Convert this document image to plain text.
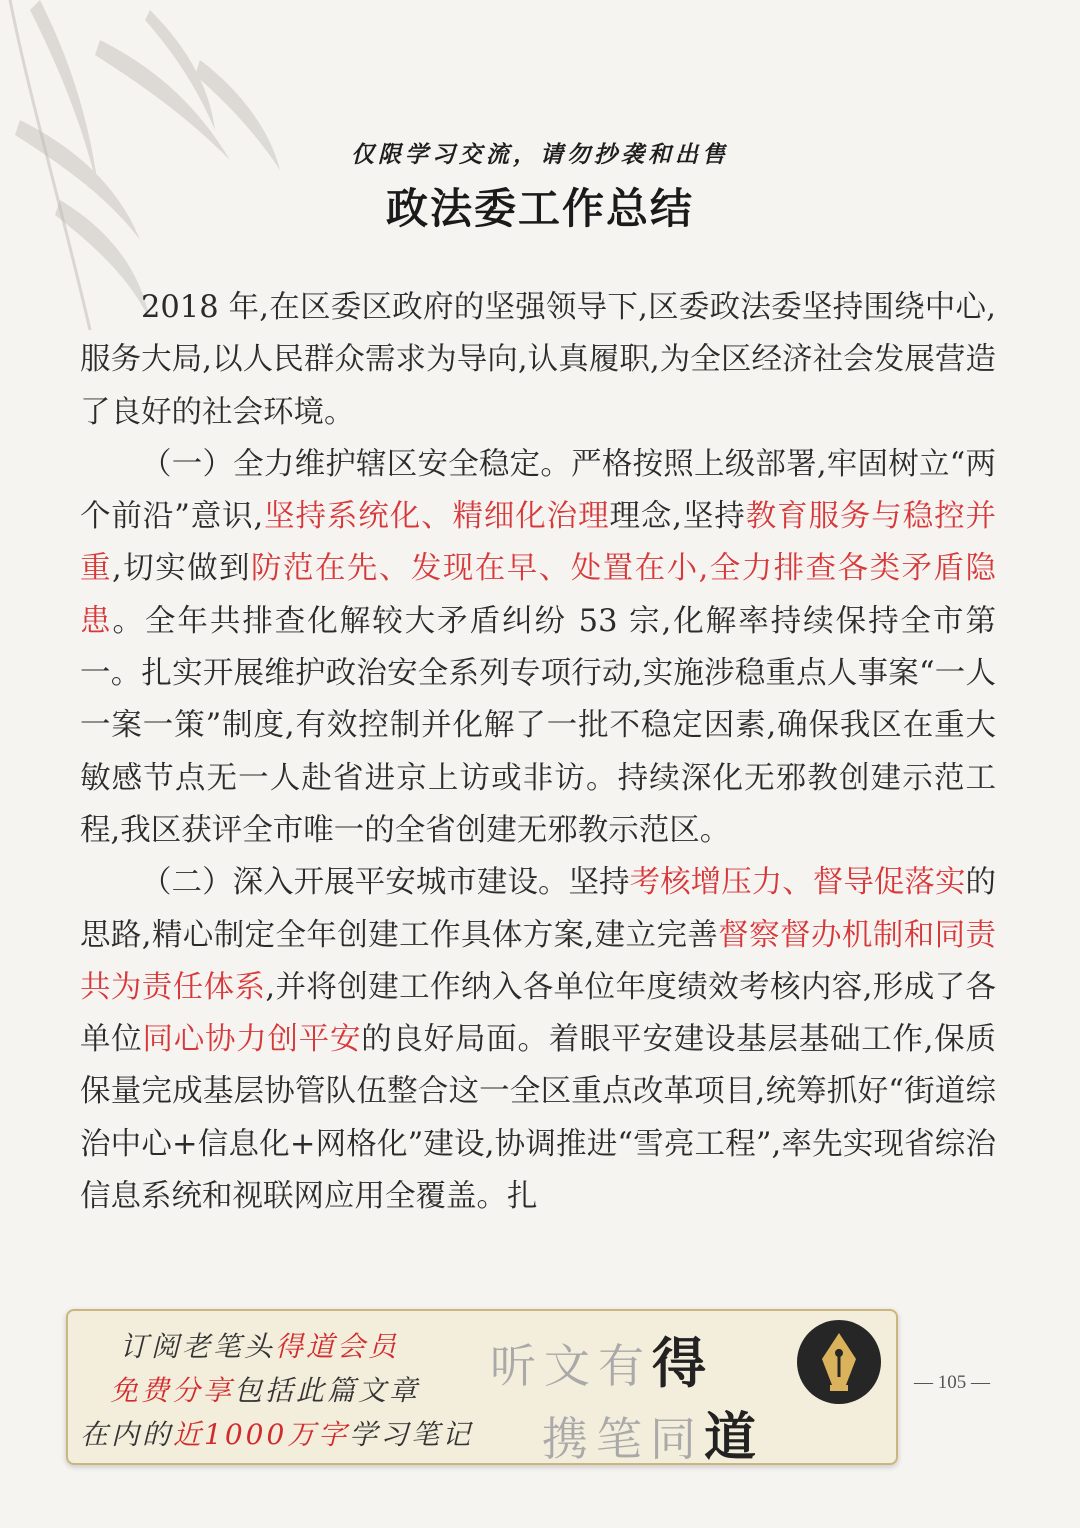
仅限学习交流，请勿抄袭和出售
政法委工作总结

2018 年,在区委区政府的坚强领导下,区委政法委坚持围绕中心,服务大局,以人民群众需求为导向,认真履职,为全区经济社会发展营造了良好的社会环境。

（一）全力维护辖区安全稳定。严格按照上级部署,牢固树立“两个前沿”意识,坚持系统化、精细化治理理念,坚持教育服务与稳控并重,切实做到防范在先、发现在早、处置在小,全力排查各类矛盾隐患。全年共排查化解较大矛盾纠纷 53 宗,化解率持续保持全市第一。扎实开展维护政治安全系列专项行动,实施涉稳重点人事案“一人一案一策”制度,有效控制并化解了一批不稳定因素,确保我区在重大敏感节点无一人赴省进京上访或非访。持续深化无邪教创建示范工程,我区获评全市唯一的全省创建无邪教示范区。

（二）深入开展平安城市建设。坚持考核增压力、督导促落实的思路,精心制定全年创建工作具体方案,建立完善督察督办机制和同责共为责任体系,并将创建工作纳入各单位年度绩效考核内容,形成了各单位同心协力创平安的良好局面。着眼平安建设基层基础工作,保质保量完成基层协管队伍整合这一全区重点改革项目,统筹抓好“街道综治中心+信息化+网格化”建设,协调推进“雪亮工程”,率先实现省综治信息系统和视联网应用全覆盖。扎

订阅老笔头得道会员
免费分享包括此篇文章
在内的近1000万字学习笔记
听文有得
携笔同道
— 105 —
